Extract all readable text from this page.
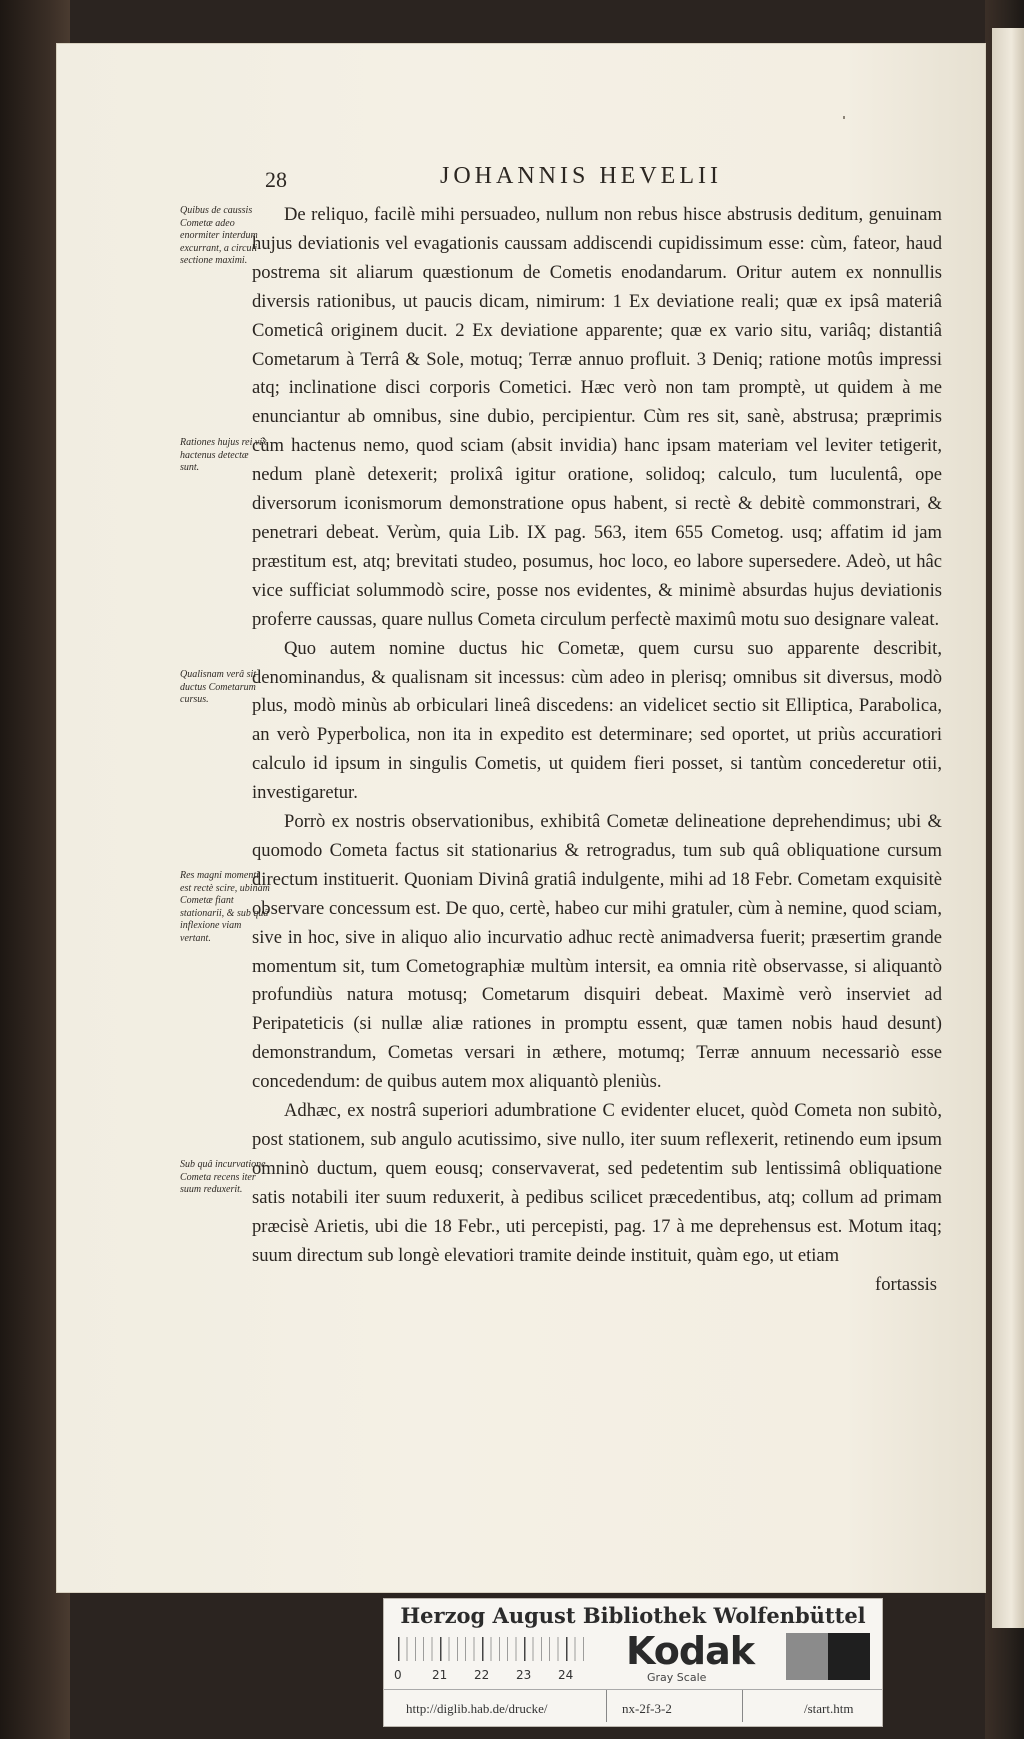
28	JOHANNIS HEVELII
Quibus de caussis Cometæ adeo enormiter interdum excurrant, a circuli sectione maximi.
Rationes hujus rei vix hactenus detectæ sunt.
Qualisnam verâ sit ductus Cometarum cursus.
Res magni momenti est rectè scire, ubinam Cometæ fiant stationarii, & sub quâ inflexione viam vertant.
Sub quâ incurvatione Cometa recens iter suum reduxerit.

De reliquo, facilè mihi persuadeo, nullum non rebus hisce abstrusis deditum, genuinam hujus deviationis vel evagationis caussam addiscendi cupidissimum esse: cùm, fateor, haud postrema sit aliarum quæstionum de Cometis enodandarum. Oritur autem ex nonnullis diversis rationibus, ut paucis dicam, nimirum: 1 Ex deviatione reali; quæ ex ipsâ materiâ Cometicâ originem ducit. 2 Ex deviatione apparente; quæ ex vario situ, variâq; distantiâ Cometarum à Terrâ & Sole, motuq; Terræ annuo profluit. 3 Deniq; ratione motûs impressi atq; inclinatione disci corporis Cometici. Hæc verò non tam promptè, ut quidem à me enunciantur ab omnibus, sine dubio, percipientur. Cùm res sit, sanè, abstrusa; præprimis cùm hactenus nemo, quod sciam (absit invidia) hanc ipsam materiam vel leviter tetigerit, nedum planè detexerit; prolixâ igitur oratione, solidoq; calculo, tum luculentâ, ope diversorum iconismorum demonstratione opus habent, si rectè & debitè commonstrari, & penetrari debeat. Verùm, quia Lib. IX pag. 563, item 655 Cometog. usq; affatim id jam præstitum est, atq; brevitati studeo, posumus, hoc loco, eo labore supersedere. Adeò, ut hâc vice sufficiat solummodò scire, posse nos evidentes, & minimè absurdas hujus deviationis proferre caussas, quare nullus Cometa circulum perfectè maximû motu suo designare valeat.

Quo autem nomine ductus hic Cometæ, quem cursu suo apparente describit, denominandus, & qualisnam sit incessus: cùm adeo in plerisq; omnibus sit diversus, modò plus, modò minùs ab orbiculari lineâ discedens: an videlicet sectio sit Elliptica, Parabolica, an verò Pyperbolica, non ita in expedito est determinare; sed oportet, ut priùs accuratiori calculo id ipsum in singulis Cometis, ut quidem fieri posset, si tantùm concederetur otii, investigaretur.

Porrò ex nostris observationibus, exhibitâ Cometæ delineatione deprehendimus; ubi & quomodo Cometa factus sit stationarius & retrogradus, tum sub quâ obliquatione cursum directum instituerit. Quoniam Divinâ gratiâ indulgente, mihi ad 18 Febr. Cometam exquisitè observare concessum est. De quo, certè, habeo cur mihi gratuler, cùm à nemine, quod sciam, sive in hoc, sive in aliquo alio incurvatio adhuc rectè animadversa fuerit; præsertim grande momentum sit, tum Cometographiæ multùm intersit, ea omnia ritè observasse, si aliquantò profundiùs natura motusq; Cometarum disquiri debeat. Maximè verò inserviet ad Peripateticis (si nullæ aliæ rationes in promptu essent, quæ tamen nobis haud desunt) demonstrandum, Cometas versari in æthere, motumq; Terræ annuum necessariò esse concedendum: de quibus autem mox aliquantò pleniùs.

Adhæc, ex nostrâ superiori adumbratione C evidenter elucet, quòd Cometa non subitò, post stationem, sub angulo acutissimo, sive nullo, iter suum reflexerit, retinendo eum ipsum omninò ductum, quem eousq; conservaverat, sed pedetentim sub lentissimâ obliquatione satis notabili iter suum reduxerit, à pedibus scilicet præcedentibus, atq; collum ad primam præcisè Arietis, ubi die 18 Febr., uti percepisti, pag. 17 à me deprehensus est. Motum itaq; suum directum sub longè elevatiori tramite deinde instituit, quàm ego, ut etiam

fortassis
Herzog August Bibliothek Wolfenbüttel
0	21 22 23 24
Kodak
Gray Scale
http://diglib.hab.de/drucke/	nx-2f-3-2	/start.htm
